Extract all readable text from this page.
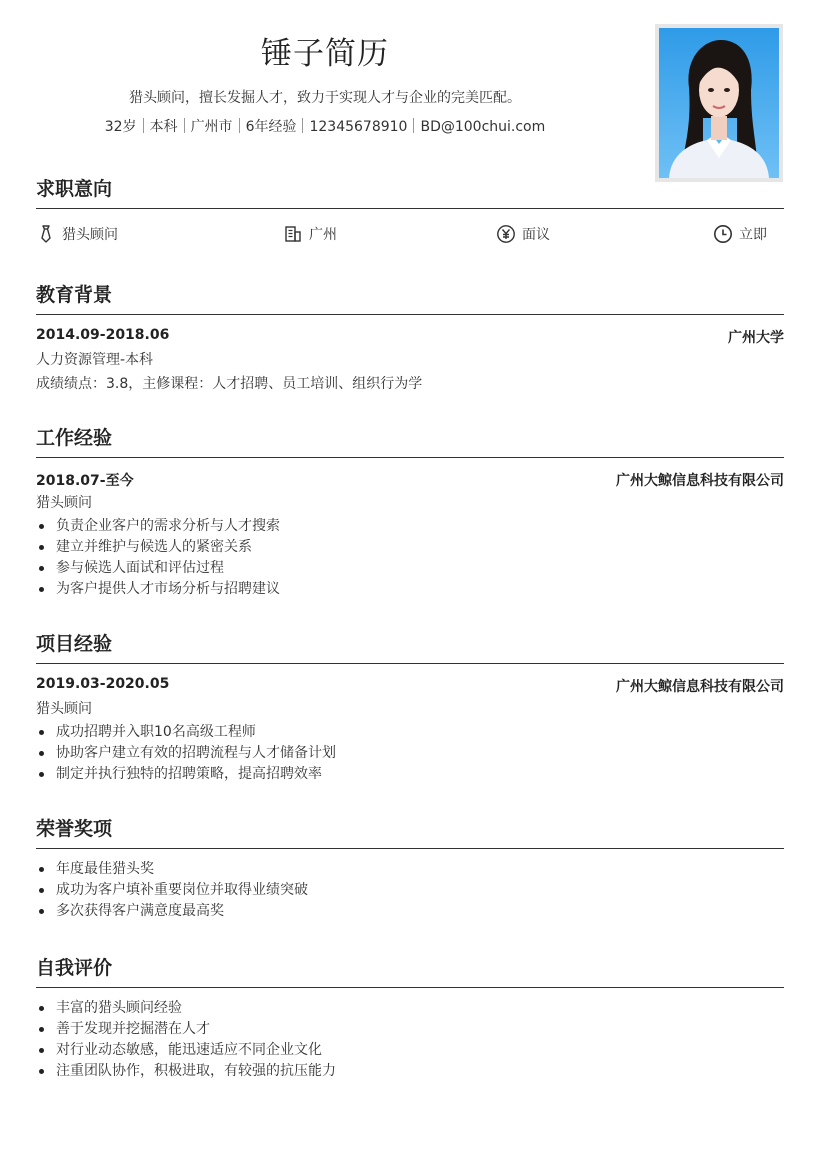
锤子简历
猎头顾问，擅长发掘人才，致力于实现人才与企业的完美匹配。
32岁 本科 广州市 6年经验 12345678910 BD@100chui.com
求职意向
猎头顾问	广州	面议	立即
教育背景
2014.09-2018.06	广州大学
人力资源管理-本科
成绩绩点：3.8，主修课程：人才招聘、员工培训、组织行为学
工作经验
2018.07-至今	广州大鲸信息科技有限公司
猎头顾问
负责企业客户的需求分析与人才搜索
建立并维护与候选人的紧密关系
参与候选人面试和评估过程
为客户提供人才市场分析与招聘建议
项目经验
2019.03-2020.05	广州大鲸信息科技有限公司
猎头顾问
成功招聘并入职10名高级工程师
协助客户建立有效的招聘流程与人才储备计划
制定并执行独特的招聘策略，提高招聘效率
荣誉奖项
年度最佳猎头奖
成功为客户填补重要岗位并取得业绩突破
多次获得客户满意度最高奖
自我评价
丰富的猎头顾问经验
善于发现并挖掘潜在人才
对行业动态敏感，能迅速适应不同企业文化
注重团队协作，积极进取，有较强的抗压能力
